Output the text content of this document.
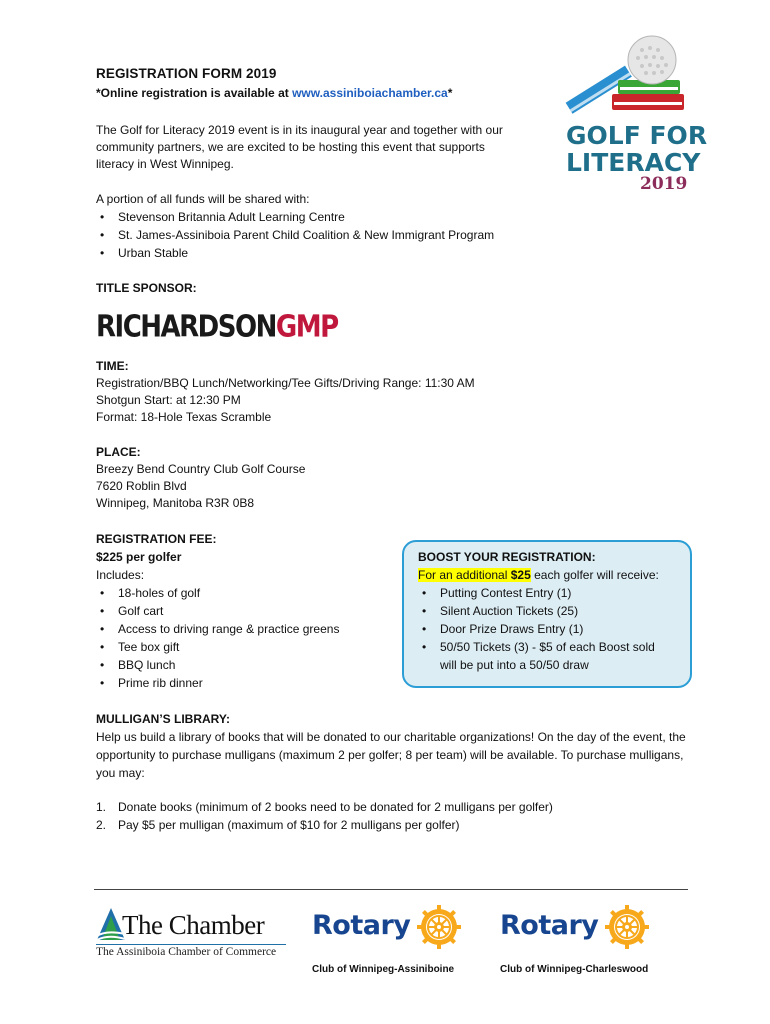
REGISTRATION FORM 2019
*Online registration is available at www.assiniboiachamber.ca*
GOLF FOR
LITERACY
2019
The Golf for Literacy 2019 event is in its inaugural year and together with our community partners, we are excited to be hosting this event that supports literacy in West Winnipeg.
A portion of all funds will be shared with:
• Stevenson Britannia Adult Learning Centre
• St. James-Assiniboia Parent Child Coalition & New Immigrant Program
• Urban Stable
TITLE SPONSOR:
RICHARDSONGMP
TIME:
Registration/BBQ Lunch/Networking/Tee Gifts/Driving Range: 11:30 AM
Shotgun Start: at 12:30 PM
Format: 18-Hole Texas Scramble
PLACE:
Breezy Bend Country Club Golf Course
7620 Roblin Blvd
Winnipeg, Manitoba R3R 0B8
REGISTRATION FEE:
$225 per golfer
Includes:
• 18-holes of golf
• Golf cart
• Access to driving range & practice greens
• Tee box gift
• BBQ lunch
• Prime rib dinner
BOOST YOUR REGISTRATION:
For an additional $25 each golfer will receive:
• Putting Contest Entry (1)
• Silent Auction Tickets (25)
• Door Prize Draws Entry (1)
• 50/50 Tickets (3) - $5 of each Boost sold will be put into a 50/50 draw
MULLIGAN’S LIBRARY:
Help us build a library of books that will be donated to our charitable organizations! On the day of the event, the opportunity to purchase mulligans (maximum 2 per golfer; 8 per team) will be available. To purchase mulligans, you may:
1. Donate books (minimum of 2 books need to be donated for 2 mulligans per golfer)
2. Pay $5 per mulligan (maximum of $10 for 2 mulligans per golfer)
The Chamber
The Assiniboia Chamber of Commerce
Rotary
Club of Winnipeg-Assiniboine
Rotary
Club of Winnipeg-Charleswood
